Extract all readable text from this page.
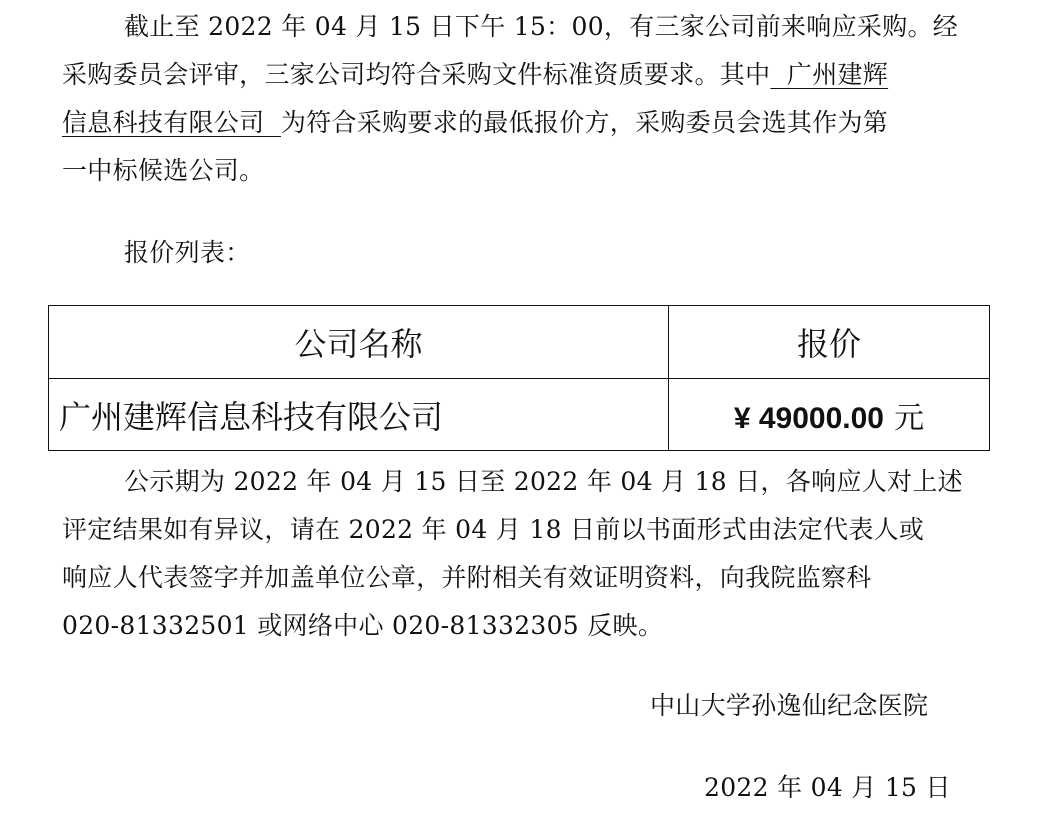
截止至 2022 年 04 月 15 日下午 15：00，有三家公司前来响应采购。经
采购委员会评审，三家公司均符合采购文件标准资质要求。其中  广州建辉
信息科技有限公司  为符合采购要求的最低报价方，采购委员会选其作为第
一中标候选公司。
报价列表：
公司名称	报价
广州建辉信息科技有限公司	¥ 49000.00 元
公示期为 2022 年 04 月 15 日至 2022 年 04 月 18 日，各响应人对上述
评定结果如有异议，请在 2022 年 04 月 18 日前以书面形式由法定代表人或
响应人代表签字并加盖单位公章，并附相关有效证明资料，向我院监察科
020-81332501 或网络中心 020-81332305 反映。
中山大学孙逸仙纪念医院
2022 年 04 月 15 日
